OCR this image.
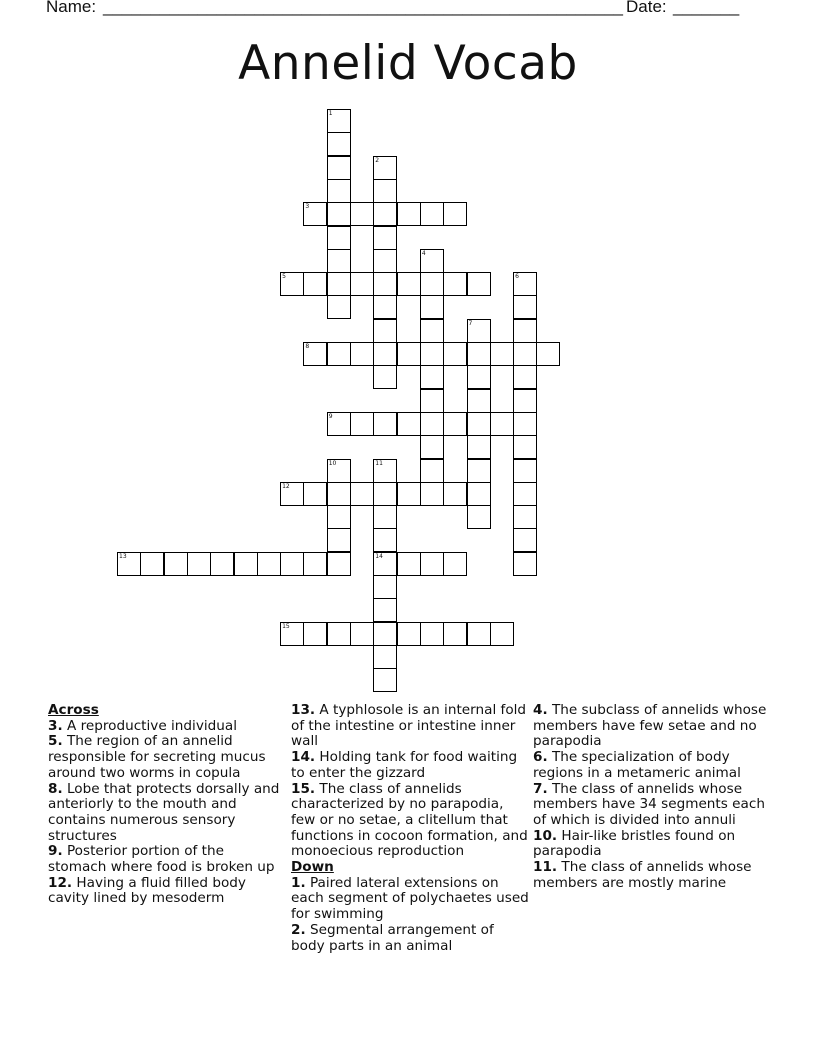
Name: _______________________________________________________ Date: _______
Annelid Vocab
1
2
3
4
5	6
7
8
9
10	11
14
12
13
15

Across

3. A reproductive individual

5. The region of an annelid responsible for secreting mucus around two worms in copula

8. Lobe that protects dorsally and anteriorly to the mouth and contains numerous sensory structures

9. Posterior portion of the stomach where food is broken up

12. Having a fluid filled body cavity lined by mesoderm

13. A typhlosole is an internal fold of the intestine or intestine inner wall

14. Holding tank for food waiting to enter the gizzard

15. The class of annelids characterized by no parapodia, few or no setae, a clitellum that functions in cocoon formation, and monoecious reproduction

Down

1. Paired lateral extensions on each segment of polychaetes used for swimming

2. Segmental arrangement of body parts in an animal

4. The subclass of annelids whose members have few setae and no parapodia

6. The specialization of body regions in a metameric animal

7. The class of annelids whose members have 34 segments each of which is divided into annuli

10. Hair-like bristles found on parapodia

11. The class of annelids whose members are mostly marine
